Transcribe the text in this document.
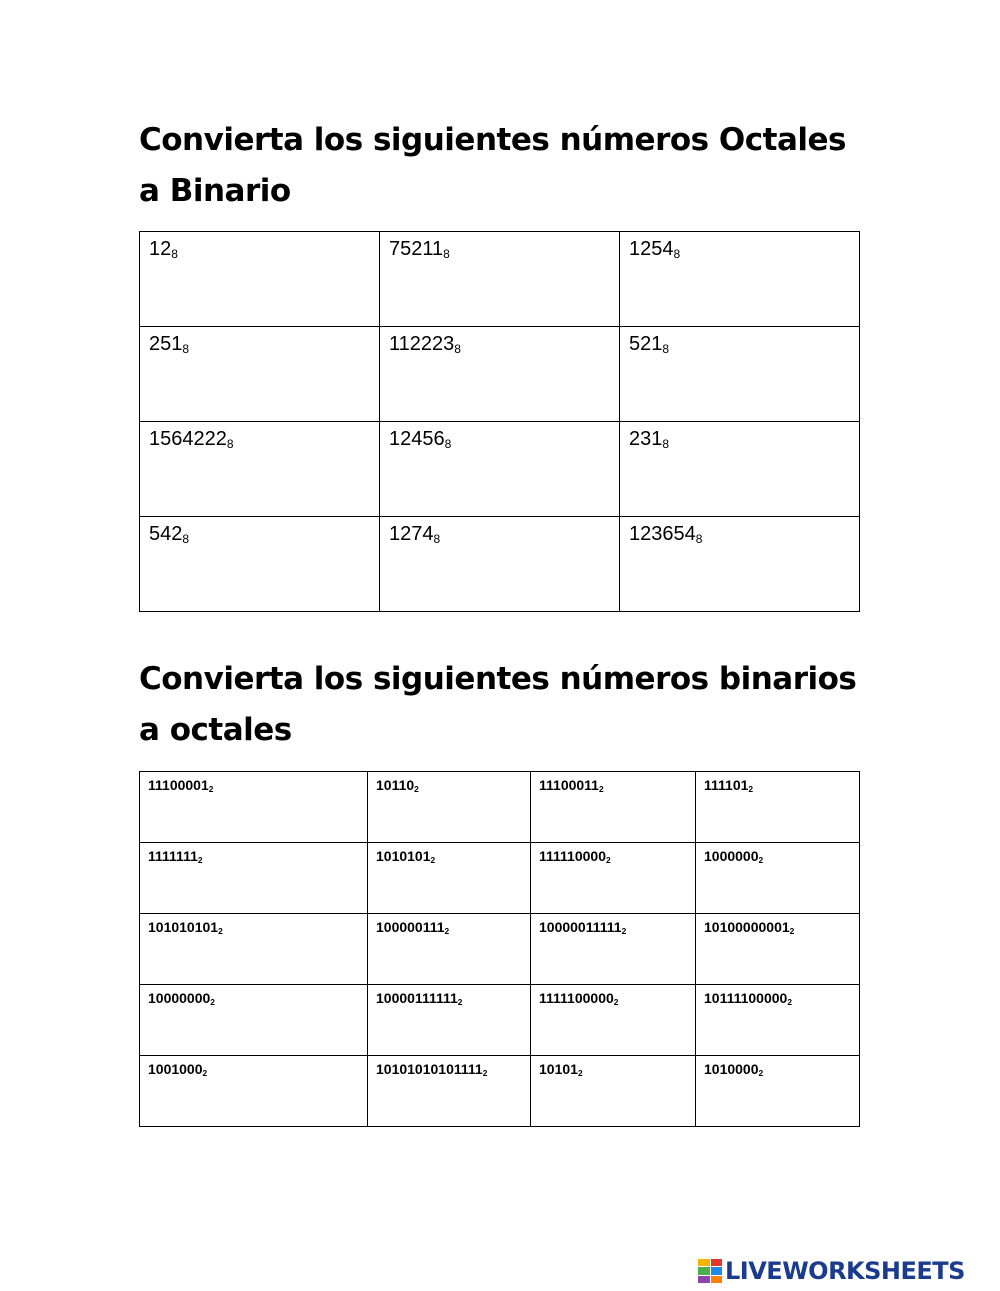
Convierta los siguientes números Octales a Binario
$12_8$	$75211_8$	$1254_8$
$251_8$	$112223_8$	$521_8$
$1564222_8$	$12456_8$	$231_8$
$542_8$	$1274_8$	$123654_8$
Convierta los siguientes números binarios a octales
$11100001_2$	$10110_2$	$11100011_2$	$111101_2$
$1111111_2$	$1010101_2$	$111110000_2$	$1000000_2$
$101010101_2$	$100000111_2$	$10000011111_2$	$10100000001_2$
$10000000_2$	$10000111111_2$	$1111100000_2$	$10111100000_2$
$1001000_2$	$10101010101111_2$	$10101_2$	$1010000_2$
LIVEWORKSHEETS
